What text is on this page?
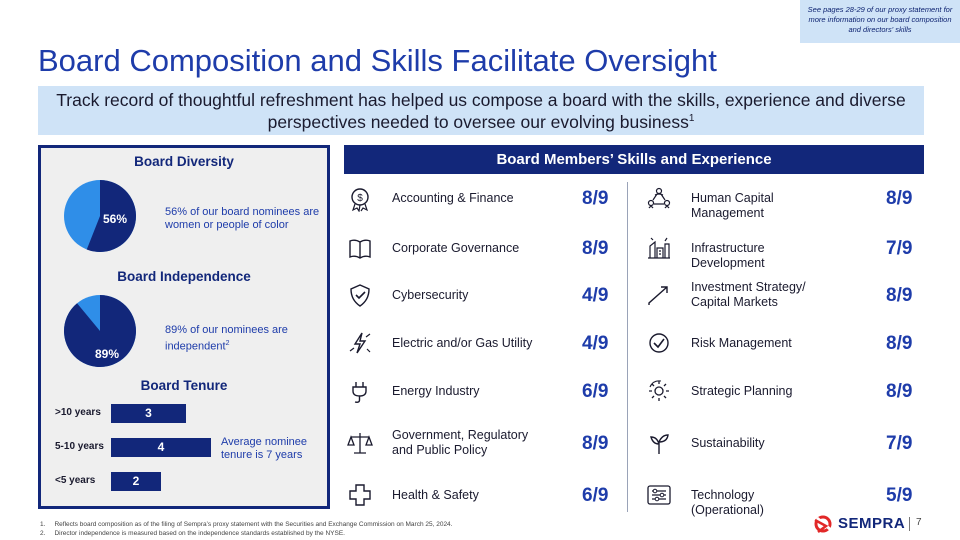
See pages 28-29 of our proxy statement for more information on our board composition and directors' skills
Board Composition and Skills Facilitate Oversight
Track record of thoughtful refreshment has helped us compose a board with the skills, experience and diverse perspectives needed to oversee our evolving business$^1$
Board Diversity
56%	56% of our board nominees are women or people of color
Board Independence
89%
89% of our nominees are independent$^2$
Board Tenure
>10 years	3
5-10 years	4
<5 years	2
Average nominee tenure is 7 years
Board Members’ Skills and Experience
$ Accounting & Finance	8/9
Corporate Governance	8/9
Cybersecurity	4/9
Electric and/or Gas Utility	4/9
Energy Industry	6/9
Government, Regulatory and Public Policy	8/9
Health & Safety	6/9
Human Capital Management
8/9
Infrastructure Development
7/9
Investment Strategy/ Capital Markets	8/9
Risk Management	8/9
Strategic Planning	8/9
Sustainability	7/9
Technology (Operational)
5/9
1.     Reflects board composition as of the filing of Sempra’s proxy statement with the Securities and Exchange Commission on March 25, 2024.
2.     Director independence is measured based on the independence standards established by the NYSE.
SEMPRA 7
